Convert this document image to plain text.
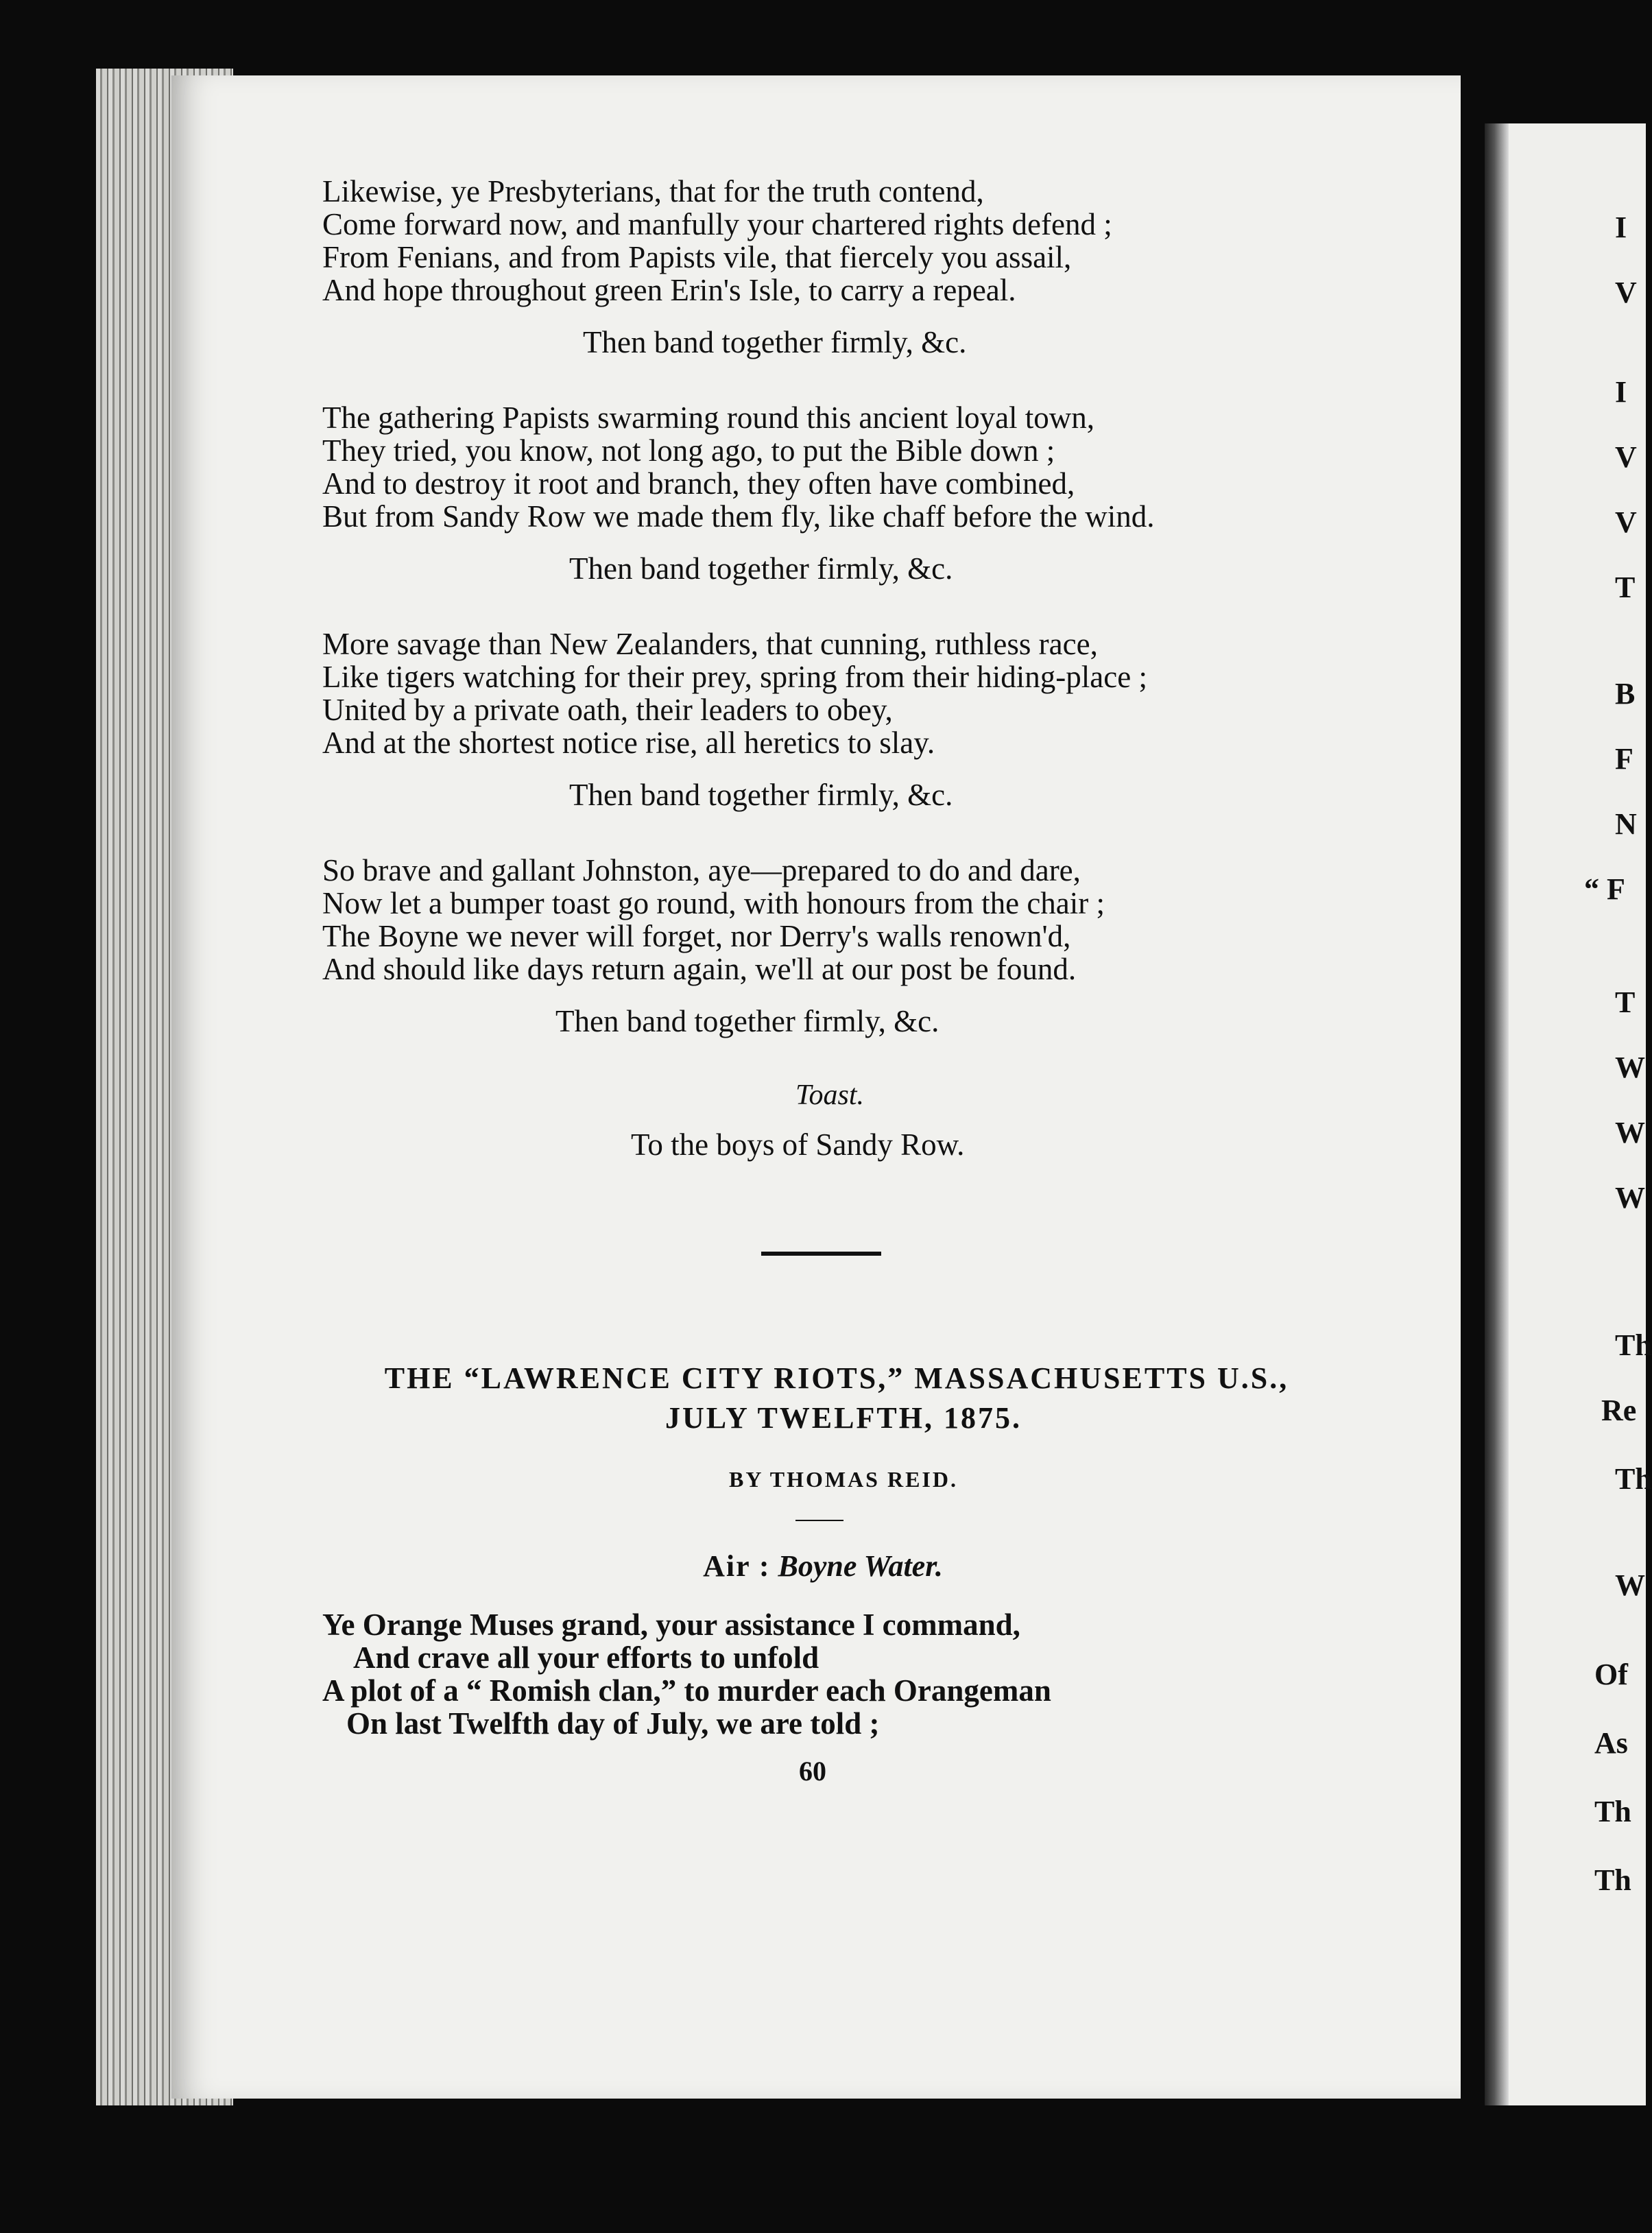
I
V
I
V
V
T
B
F
N
“ F
T
W
W
W
Th
Re
Th
W
Of
As
Th
Th
Likewise, ye Presbyterians, that for the truth contend,
Come forward now, and manfully your chartered rights defend ;
From Fenians, and from Papists vile, that fiercely you assail,
And hope throughout green Erin's Isle, to carry a repeal.
Then band together firmly, &c.
The gathering Papists swarming round this ancient loyal town,
They tried, you know, not long ago, to put the Bible down ;
And to destroy it root and branch, they often have combined,
But from Sandy Row we made them fly, like chaff before the wind.
Then band together firmly, &c.
More savage than New Zealanders, that cunning, ruthless race,
Like tigers watching for their prey, spring from their hiding-place ;
United by a private oath, their leaders to obey,
And at the shortest notice rise, all heretics to slay.
Then band together firmly, &c.
So brave and gallant Johnston, aye—prepared to do and dare,
Now let a bumper toast go round, with honours from the chair ;
The Boyne we never will forget, nor Derry's walls renown'd,
And should like days return again, we'll at our post be found.
Then band together firmly, &c.
Toast.
To the boys of Sandy Row.
THE “LAWRENCE CITY RIOTS,” MASSACHUSETTS U.S.,
JULY TWELFTH, 1875.
BY THOMAS REID.
Air : Boyne Water.
Ye Orange Muses grand, your assistance I command,
And crave all your efforts to unfold
A plot of a “ Romish clan,” to murder each Orangeman
On last Twelfth day of July, we are told ;
60
